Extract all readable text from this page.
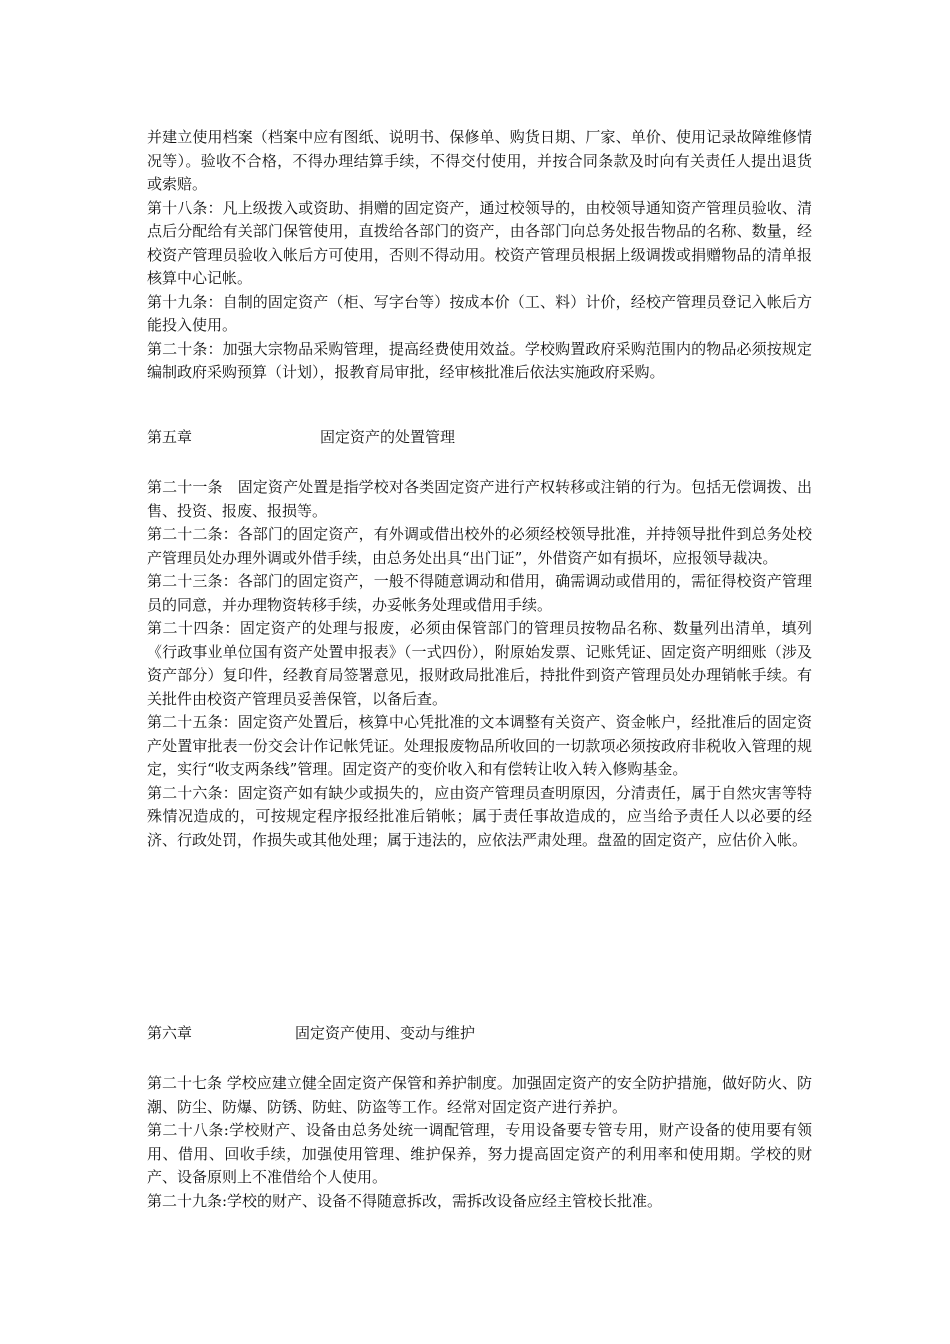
并建立使用档案（档案中应有图纸、说明书、保修单、购货日期、厂家、单价、使用记录故障维修情况等）。验收不合格，不得办理结算手续，不得交付使用，并按合同条款及时向有关责任人提出退货或索赔。

第十八条：凡上级拨入或资助、捐赠的固定资产，通过校领导的，由校领导通知资产管理员验收、清点后分配给有关部门保管使用，直拨给各部门的资产，由各部门向总务处报告物品的名称、数量，经校资产管理员验收入帐后方可使用，否则不得动用。校资产管理员根据上级调拨或捐赠物品的清单报核算中心记帐。

第十九条：自制的固定资产（柜、写字台等）按成本价（工、料）计价，经校产管理员登记入帐后方能投入使用。

第二十条：加强大宗物品采购管理，提高经费使用效益。学校购置政府采购范围内的物品必须按规定编制政府采购预算（计划），报教育局审批，经审核批准后依法实施政府采购。

第五章	固定资产的处置管理

第二十一条　固定资产处置是指学校对各类固定资产进行产权转移或注销的行为。包括无偿调拨、出售、投资、报废、报损等。

第二十二条：各部门的固定资产，有外调或借出校外的必须经校领导批准，并持领导批件到总务处校产管理员处办理外调或外借手续，由总务处出具“出门证”，外借资产如有损坏，应报领导裁决。

第二十三条：各部门的固定资产，一般不得随意调动和借用，确需调动或借用的，需征得校资产管理员的同意，并办理物资转移手续，办妥帐务处理或借用手续。

第二十四条：固定资产的处理与报废，必须由保管部门的管理员按物品名称、数量列出清单，填列《行政事业单位国有资产处置申报表》（一式四份），附原始发票、记账凭证、固定资产明细账（涉及资产部分）复印件，经教育局签署意见，报财政局批准后，持批件到资产管理员处办理销帐手续。有关批件由校资产管理员妥善保管，以备后查。

第二十五条：固定资产处置后，核算中心凭批准的文本调整有关资产、资金帐户，经批准后的固定资产处置审批表一份交会计作记帐凭证。处理报废物品所收回的一切款项必须按政府非税收入管理的规定，实行“收支两条线”管理。固定资产的变价收入和有偿转让收入转入修购基金。

第二十六条：固定资产如有缺少或损失的，应由资产管理员查明原因，分清责任，属于自然灾害等特殊情况造成的，可按规定程序报经批准后销帐；属于责任事故造成的，应当给予责任人以必要的经济、行政处罚，作损失或其他处理；属于违法的，应依法严肃处理。盘盈的固定资产，应估价入帐。

第六章	固定资产使用、变动与维护

第二十七条 学校应建立健全固定资产保管和养护制度。加强固定资产的安全防护措施，做好防火、防潮、防尘、防爆、防锈、防蛀、防盗等工作。经常对固定资产进行养护。

第二十八条:学校财产、设备由总务处统一调配管理，专用设备要专管专用，财产设备的使用要有领用、借用、回收手续，加强使用管理、维护保养，努力提高固定资产的利用率和使用期。学校的财产、设备原则上不准借给个人使用。

第二十九条:学校的财产、设备不得随意拆改，需拆改设备应经主管校长批准。
